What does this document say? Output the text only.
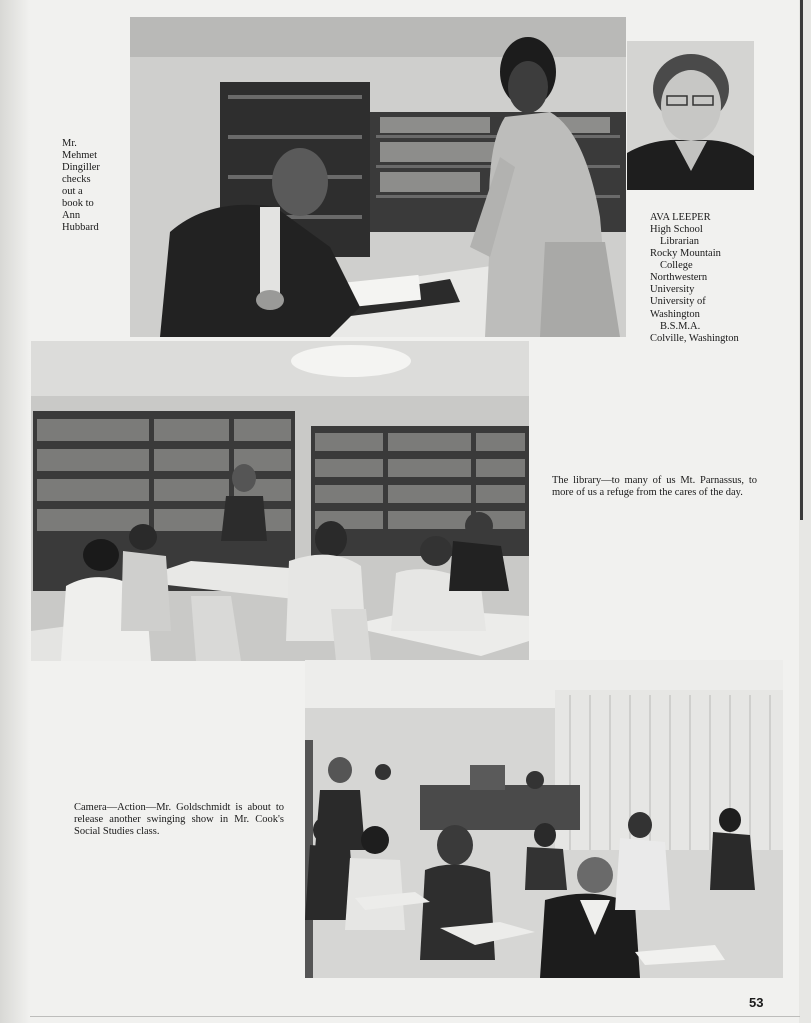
Mr.
Mehmet
Dingiller
checks
out a
book to
Ann
Hubbard
AVA LEEPER
High School
Librarian
Rocky Mountain
College
Northwestern
University
University of
Washington
B.S.M.A.
Colville, Washington
The library—to many of us Mt. Parnassus, to more of us a refuge from the cares of the day.
Camera—Action—Mr. Goldschmidt is about to release another swinging show in Mr. Cook's Social Studies class.
53
